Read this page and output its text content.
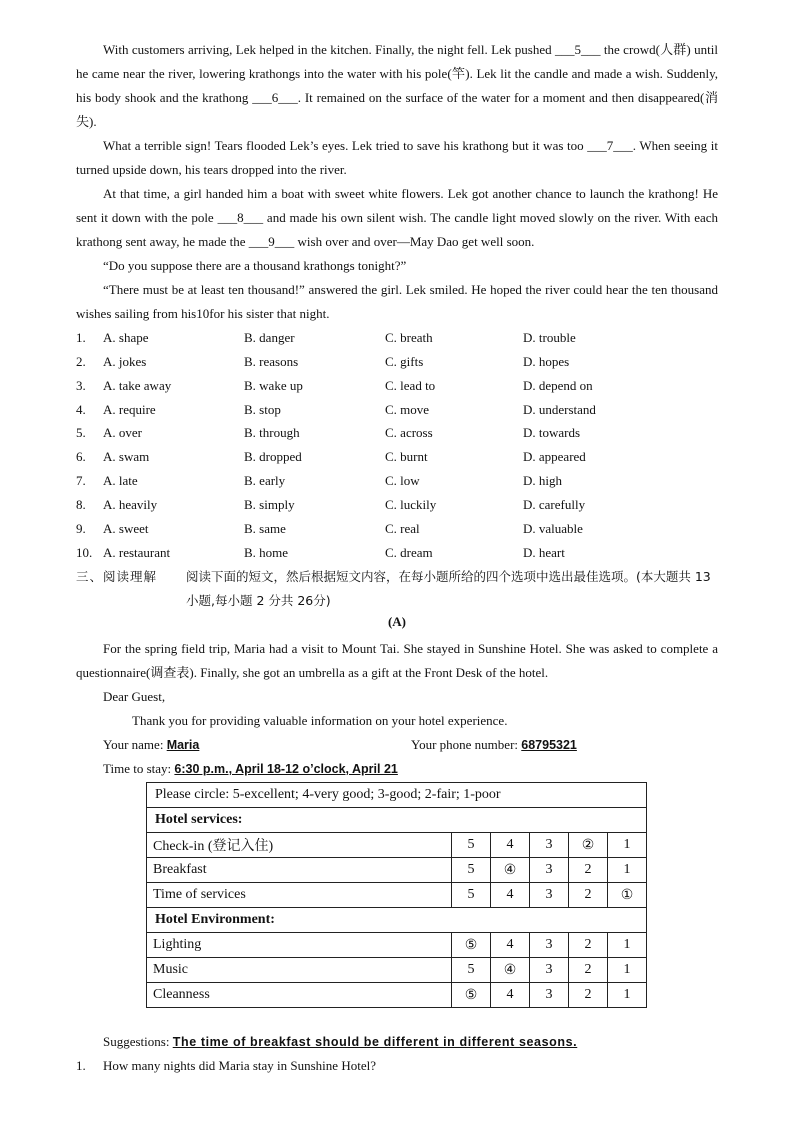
With customers arriving, Lek helped in the kitchen. Finally, the night fell. Lek pushed ___5___ the crowd(人群) until he came near the river, lowering krathongs into the water with his pole(竿). Lek lit the candle and made a wish. Suddenly, his body shook and the krathong ___6___. It remained on the surface of the water for a moment and then disappeared(消失).

What a terrible sign! Tears flooded Lek’s eyes. Lek tried to save his krathong but it was too ___7___. When seeing it turned upside down, his tears dropped into the river.

At that time, a girl handed him a boat with sweet white flowers. Lek got another chance to launch the krathong! He sent it down with the pole ___8___ and made his own silent wish. The candle light moved slowly on the river. With each krathong sent away, he made the ___9___ wish over and over—May Dao get well soon.

“Do you suppose there are a thousand krathongs tonight?”

“There must be at least ten thousand!” answered the girl. Lek smiled. He hoped the river could hear the ten thousand wishes sailing from his10for his sister that night.

1. A. shape	B. danger	C. breath	D. trouble
2. A. jokes	B. reasons	C. gifts	D. hopes
3. A. take away	B. wake up	C. lead to	D. depend on
4. A. require	B. stop	C. move	D. understand
5. A. over	B. through	C. across	D. towards
6. A. swam	B. dropped	C. burnt	D. appeared
7. A. late	B. early	C. low	D. high
8. A. heavily	B. simply	C. luckily	D. carefully
9. A. sweet	B. same	C. real	D. valuable
10. A. restaurant	B. home	C. dream	D. heart
三、阅读理解 阅读下面的短文，然后根据短文内容，在每小题所给的四个选项中选出最佳选项。(本大题共 13 小题,每小题 2 分共 26分)
(A)

For the spring field trip, Maria had a visit to Mount Tai. She stayed in Sunshine Hotel. She was asked to complete a questionnaire(调查表). Finally, she got an umbrella as a gift at the Front Desk of the hotel.

Dear Guest,
Thank you for providing valuable information on your hotel experience.
Your name: Maria	Your phone number: 68795321
Time to stay: 6:30 p.m., April 18-12 o’clock, April 21
Please circle: 5-excellent; 4-very good; 3-good; 2-fair; 1-poor					
Hotel services:					
Check-in (登记入住)	5	4	3	②	1
Breakfast	5	④	3	2	1
Time of services	5	4	3	2	①
Hotel Environment:					
Lighting	⑤	4	3	2	1
Music	5	④	3	2	1
Cleanness	⑤	4	3	2	1
Suggestions: The time of breakfast should be different in different seasons.
1. How many nights did Maria stay in Sunshine Hotel?
